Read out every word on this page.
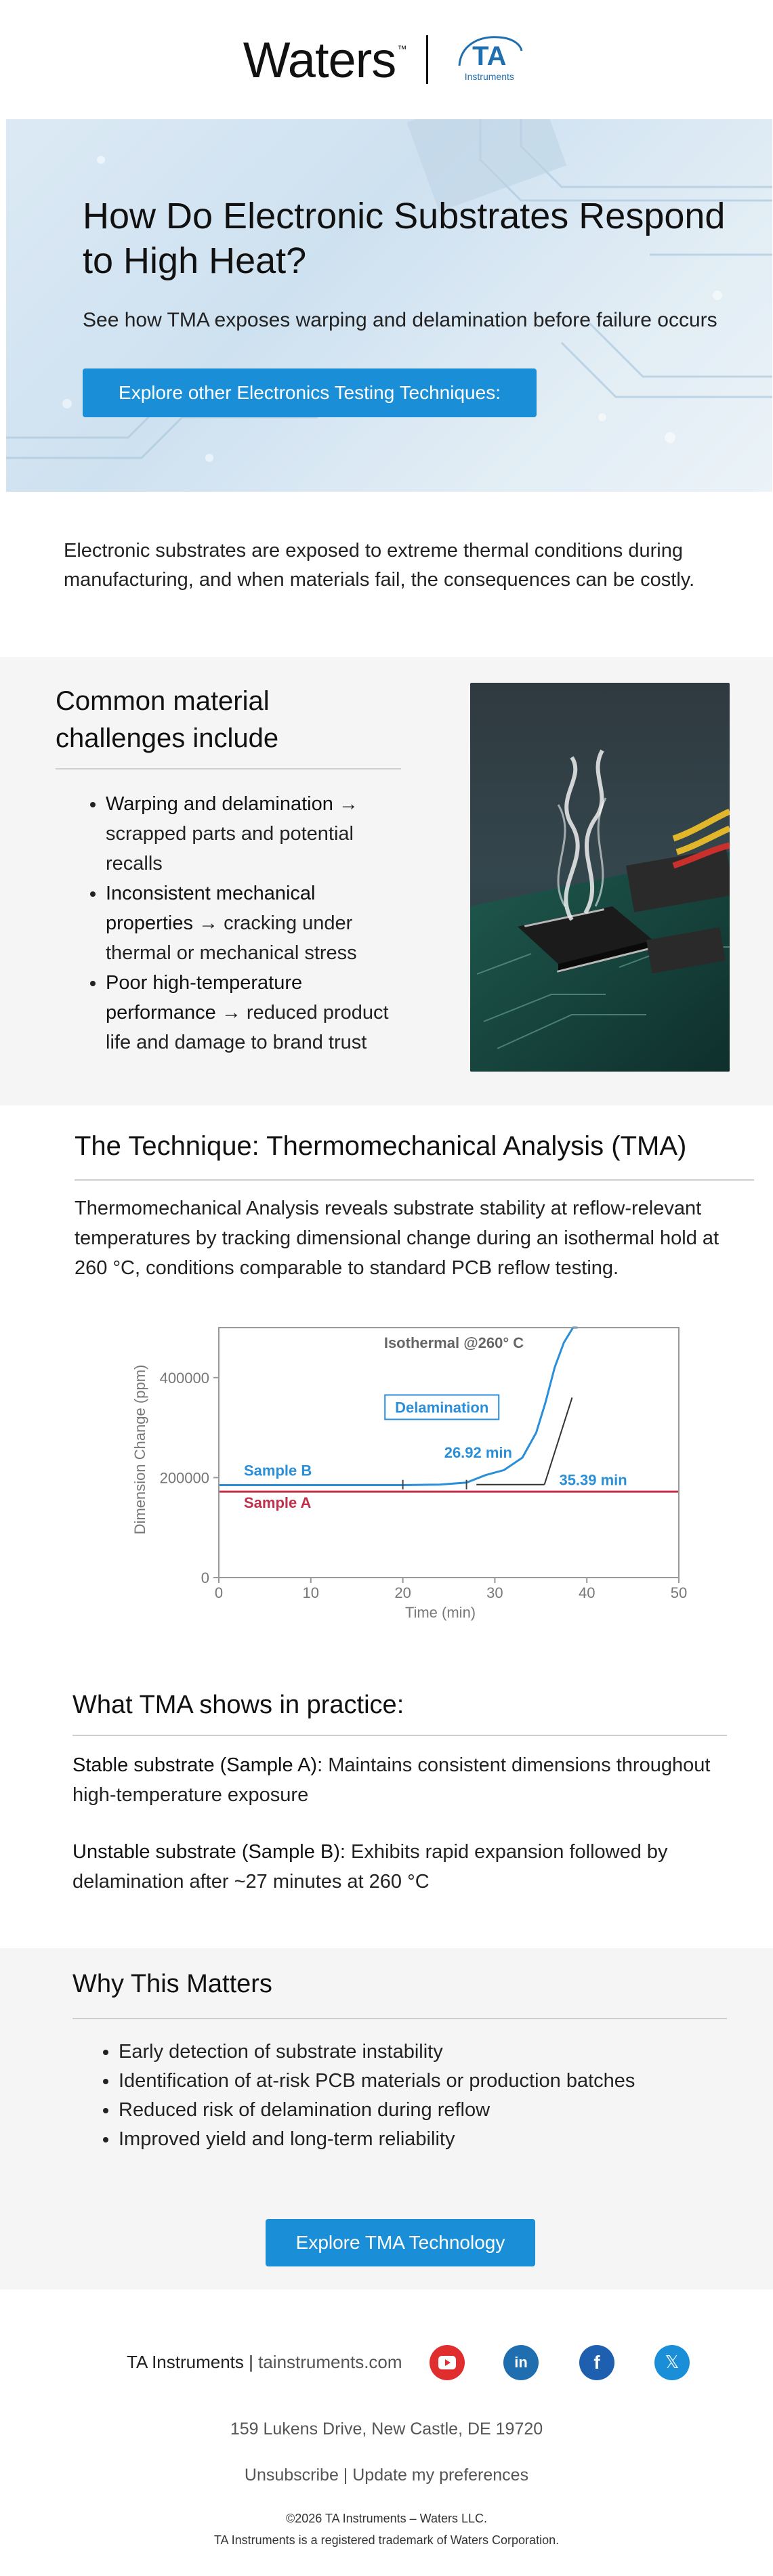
Waters ™ TA
Instruments
How Do Electronic Substrates Respond to High Heat?
See how TMA exposes warping and delamination before failure occurs
Explore other Electronics Testing Techniques:
Electronic substrates are exposed to extreme thermal conditions during manufacturing, and when materials fail, the consequences can be costly.
Common material challenges include
• Warping and delamination → scrapped parts and potential recalls
• Inconsistent mechanical properties → cracking under thermal or mechanical stress
• Poor high-temperature performance → reduced product life and damage to brand trust
The Technique: Thermomechanical Analysis (TMA)
Thermomechanical Analysis reveals substrate stability at reflow-relevant temperatures by tracking dimensional change during an isothermal hold at 260 °C, conditions comparable to standard PCB reflow testing.
Isothermal @260° C
Dimension Change (ppm)
Time (min)
0	10	20	30	40	50
0
200000
400000
Sample A
Sample B
Delamination
26.92 min
35.39 min
What TMA shows in practice:
Stable substrate (Sample A): Maintains consistent dimensions throughout high-temperature exposure
Unstable substrate (Sample B): Exhibits rapid expansion followed by delamination after ~27 minutes at 260 °C
Why This Matters
• Early detection of substrate instability
• Identification of at-risk PCB materials or production batches
• Reduced risk of delamination during reflow
• Improved yield and long-term reliability
Explore TMA Technology
TA Instruments | tainstruments.com	in	f	𝕏
159 Lukens Drive, New Castle, DE 19720
Unsubscribe | Update my preferences
©2026 TA Instruments – Waters LLC.
TA Instruments is a registered trademark of Waters Corporation.
